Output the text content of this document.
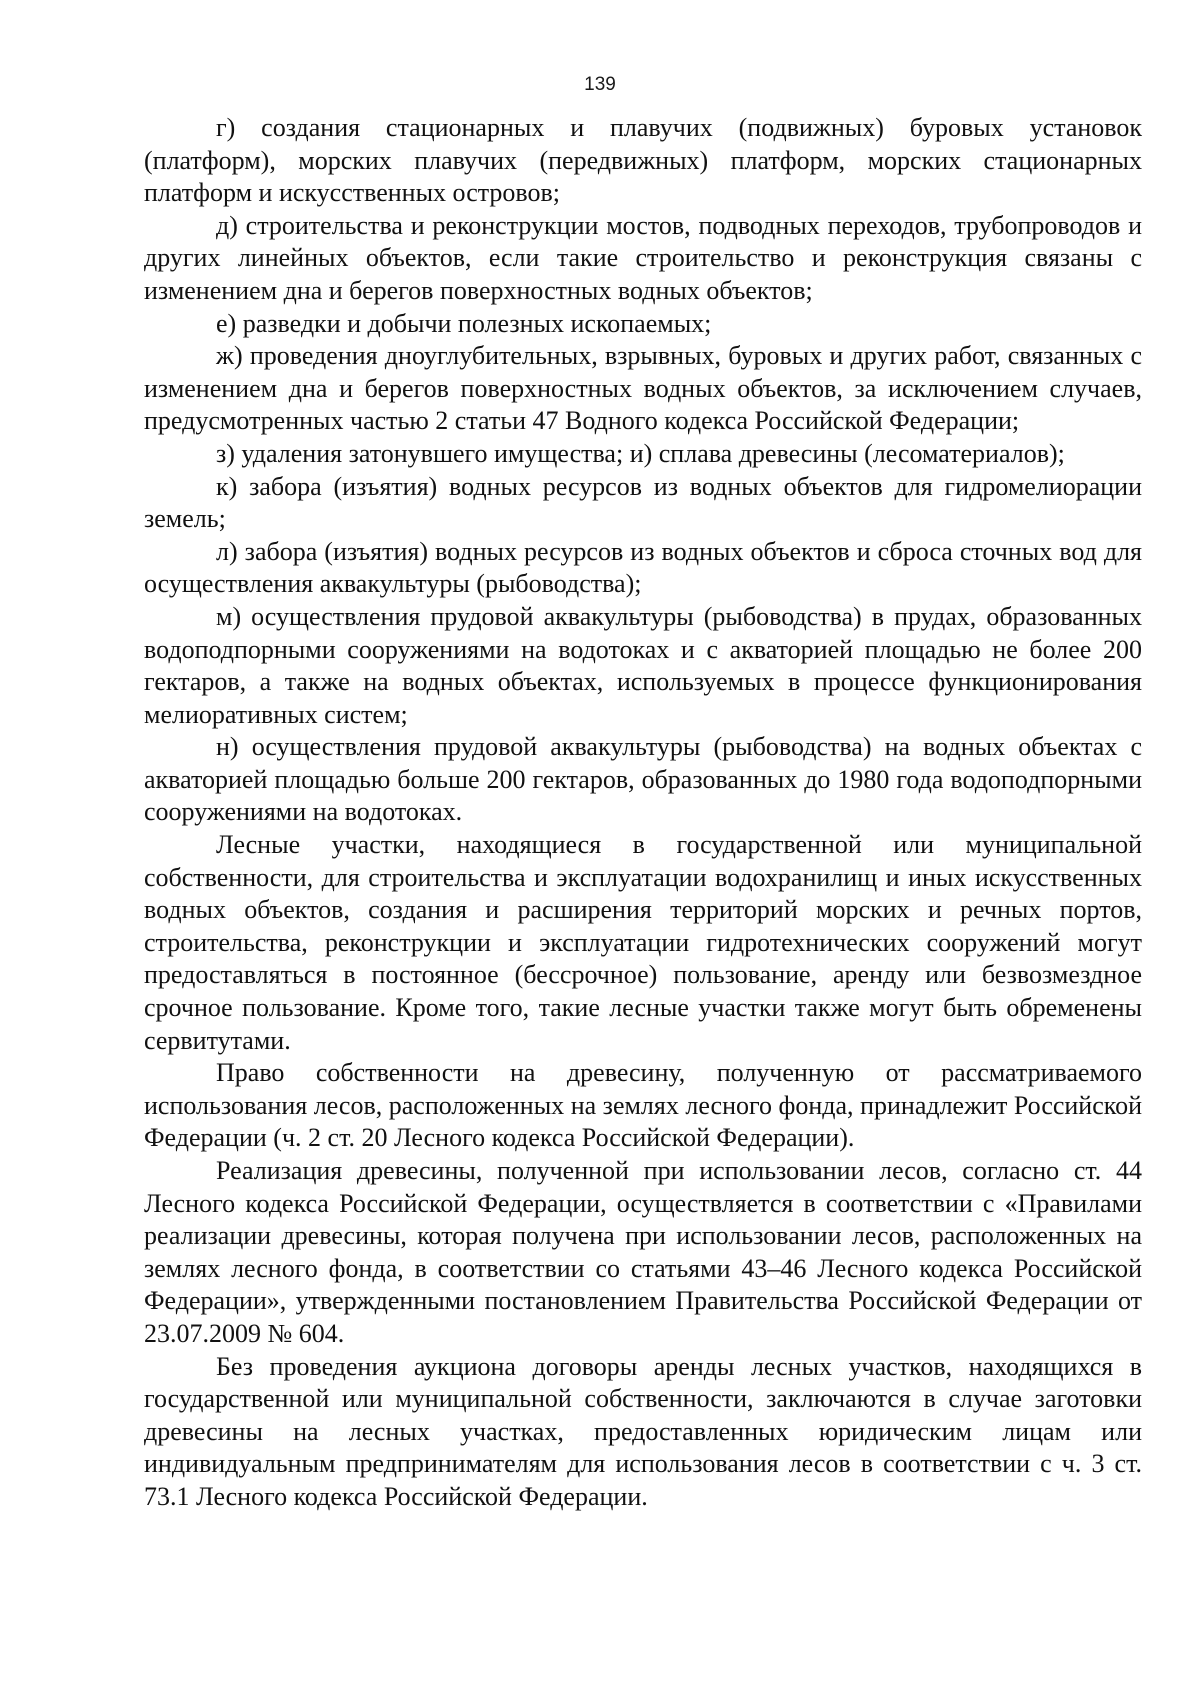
139

г) создания стационарных и плавучих (подвижных) буровых установок (платформ), морских плавучих (передвижных) платформ, морских стационарных платформ и искусственных островов;

д) строительства и реконструкции мостов, подводных переходов, трубопроводов и других линейных объектов, если такие строительство и реконструкция связаны с изменением дна и берегов поверхностных водных объектов;

е) разведки и добычи полезных ископаемых;

ж) проведения дноуглубительных, взрывных, буровых и других работ, связанных с изменением дна и берегов поверхностных водных объектов, за исключением случаев, предусмотренных частью 2 статьи 47 Водного кодекса Российской Федерации;

з) удаления затонувшего имущества; и) сплава древесины (лесоматериалов);

к) забора (изъятия) водных ресурсов из водных объектов для гидромелиорации земель;

л) забора (изъятия) водных ресурсов из водных объектов и сброса сточных вод для осуществления аквакультуры (рыбоводства);

м) осуществления прудовой аквакультуры (рыбоводства) в прудах, образованных водоподпорными сооружениями на водотоках и с акваторией площадью не более 200 гектаров, а также на водных объектах, используемых в процессе функционирования мелиоративных систем;

н) осуществления прудовой аквакультуры (рыбоводства) на водных объектах с акваторией площадью больше 200 гектаров, образованных до 1980 года водоподпорными сооружениями на водотоках.

Лесные участки, находящиеся в государственной или муниципальной собственности, для строительства и эксплуатации водохранилищ и иных искусственных водных объектов, создания и расширения территорий морских и речных портов, строительства, реконструкции и эксплуатации гидротехнических сооружений могут предоставляться в постоянное (бессрочное) пользование, аренду или безвозмездное срочное пользование. Кроме того, такие лесные участки также могут быть обременены сервитутами.

Право собственности на древесину, полученную от рассматриваемого использования лесов, расположенных на землях лесного фонда, принадлежит Российской Федерации (ч. 2 ст. 20 Лесного кодекса Российской Федерации).

Реализация древесины, полученной при использовании лесов, согласно ст. 44 Лесного кодекса Российской Федерации, осуществляется в соответствии с «Правилами реализации древесины, которая получена при использовании лесов, расположенных на землях лесного фонда, в соответствии со статьями 43–46 Лесного кодекса Российской Федерации», утвержденными постановлением Правительства Российской Федерации от 23.07.2009 № 604.

Без проведения аукциона договоры аренды лесных участков, находящихся в государственной или муниципальной собственности, заключаются в случае заготовки древесины на лесных участках, предоставленных юридическим лицам или индивидуальным предпринимателям для использования лесов в соответствии с ч. 3 ст. 73.1 Лесного кодекса Российской Федерации.
